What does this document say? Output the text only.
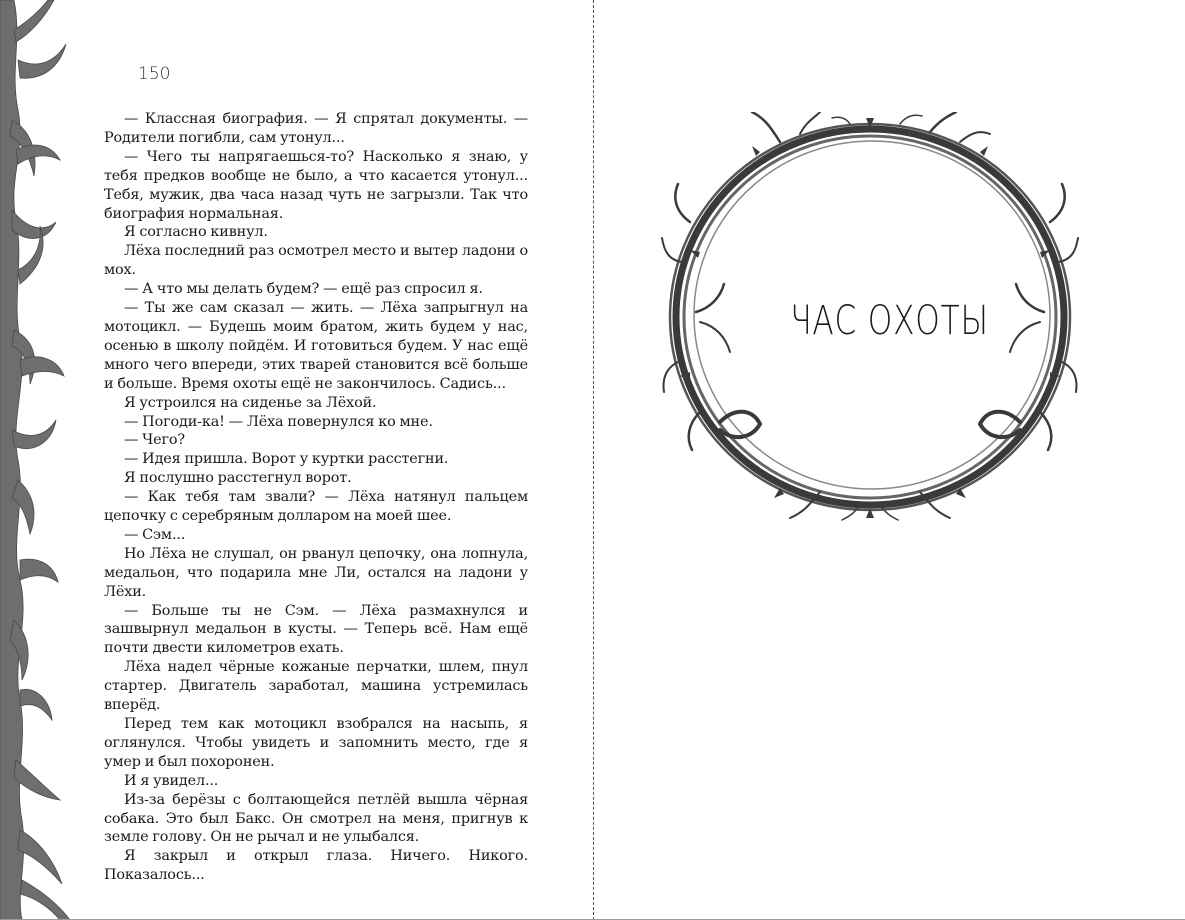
150

— Классная биография. — Я спрятал документы. — Родители погибли, сам утонул...

— Чего ты напрягаешься-то? Насколько я знаю, у тебя предков вообще не было, а что касается утонул... Тебя, мужик, два часа назад чуть не загрызли. Так что биография нормальная.

Я согласно кивнул.

Лёха последний раз осмотрел место и вытер ладони о мох.

— А что мы делать будем? — ещё раз спросил я.

— Ты же сам сказал — жить. — Лёха запрыгнул на мотоцикл. — Будешь моим братом, жить будем у нас, осенью в школу пойдём. И готовиться будем. У нас ещё много чего впереди, этих тварей становится всё больше и больше. Время охоты ещё не закончилось. Садись...

Я устроился на сиденье за Лёхой.

— Погоди-ка! — Лёха повернулся ко мне.

— Чего?

— Идея пришла. Ворот у куртки расстегни.

Я послушно расстегнул ворот.

— Как тебя там звали? — Лёха натянул пальцем цепочку с серебряным долларом на моей шее.

— Сэм...

Но Лёха не слушал, он рванул цепочку, она лопнула, медальон, что подарила мне Ли, остался на ладони у Лёхи.

— Больше ты не Сэм. — Лёха размахнулся и зашвырнул медальон в кусты. — Теперь всё. Нам ещё почти двести километров ехать.

Лёха надел чёрные кожаные перчатки, шлем, пнул стартер. Двигатель заработал, машина устремилась вперёд.

Перед тем как мотоцикл взобрался на насыпь, я оглянулся. Чтобы увидеть и запомнить место, где я умер и был похоронен.

И я увидел...

Из-за берёзы с болтающейся петлёй вышла чёрная собака. Это был Бакс. Он смотрел на меня, пригнув к земле голову. Он не рычал и не улыбался.

Я закрыл и открыл глаза. Ничего. Никого. Показалось...

ЧАС ОХОТЫ
